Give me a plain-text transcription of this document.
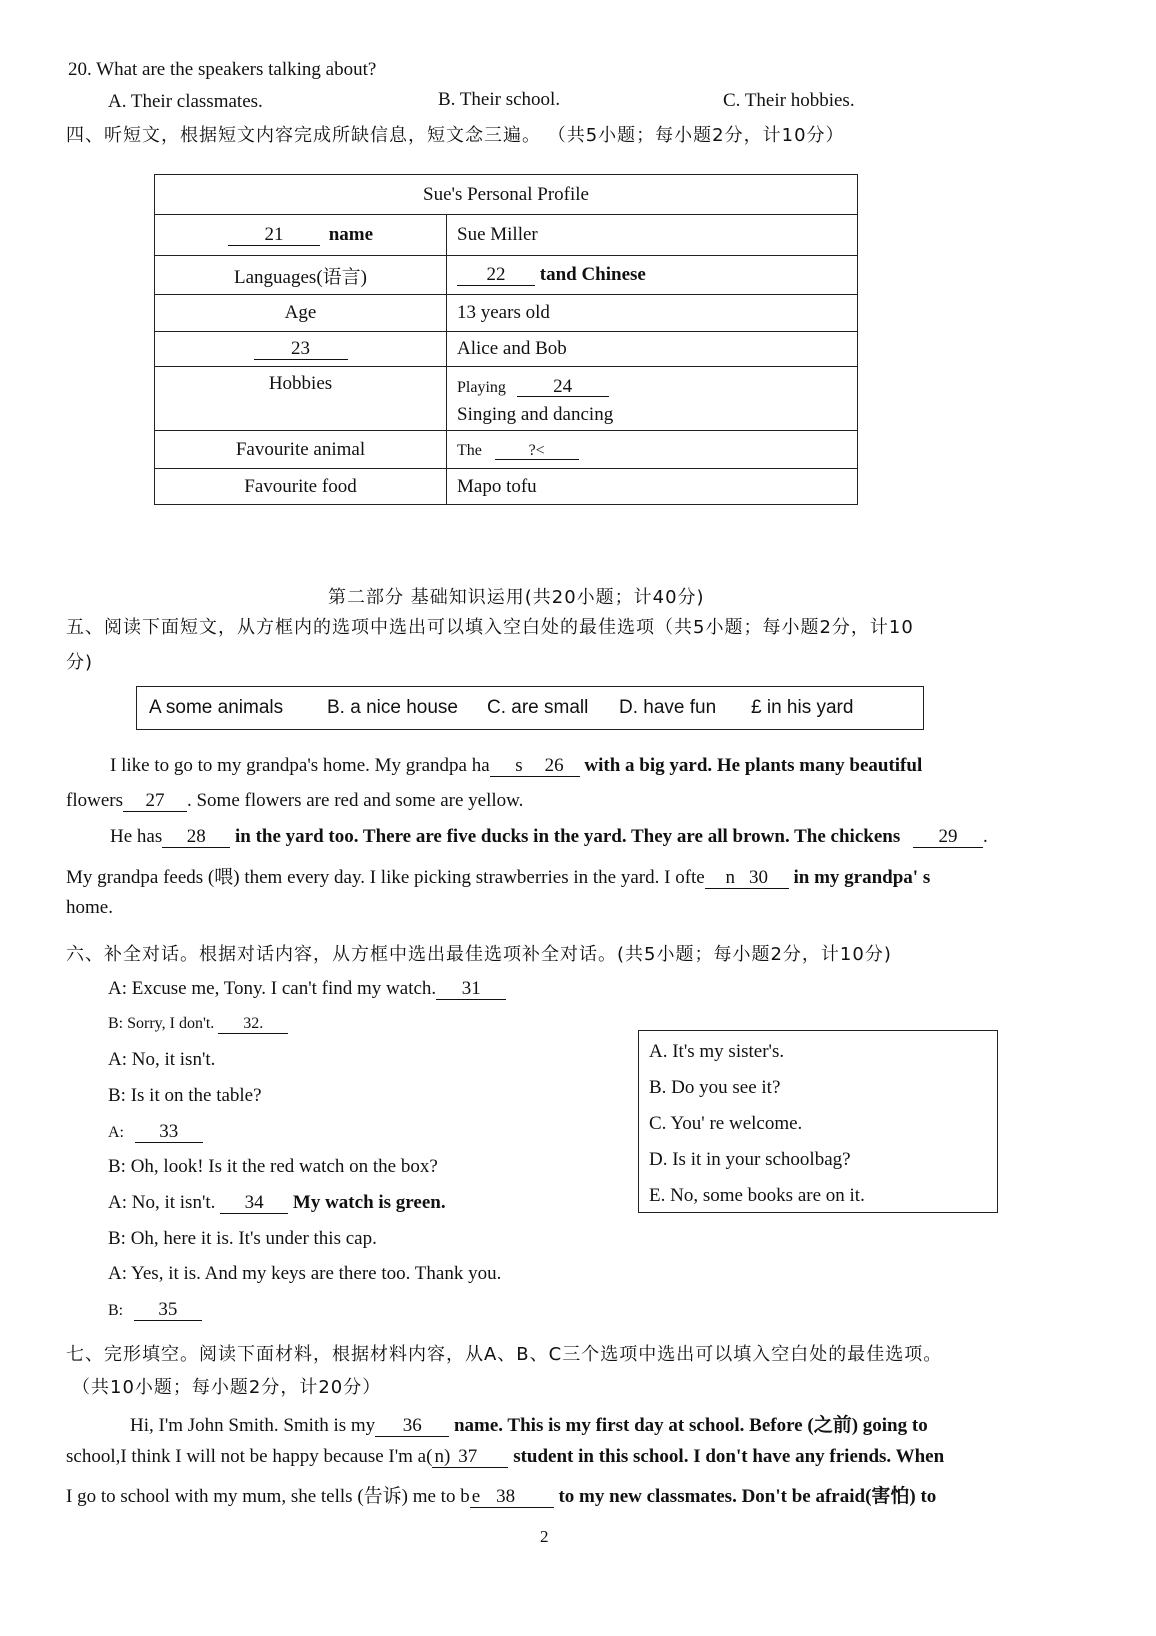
20. What are the speakers talking about?
A. Their classmates.	B. Their school.	C. Their hobbies.
四、听短文，根据短文内容完成所缺信息，短文念三遍。 （共5小题；每小题2分，计10分）
Sue's Personal Profile	
21 name	Sue Miller
Languages(语言)	22 tand Chinese
Age	13 years old
23	Alice and Bob
Hobbies	Playing 24
Singing and dancing

Favourite animal	The ?<
Favourite food	Mapo tofu
第二部分 基础知识运用(共20小题；计40分)
五、阅读下面短文，从方框内的选项中选出可以填入空白处的最佳选项（共5小题；每小题2分，计10
分)
A some animals B. a nice house C. are small D. have fun £ in his yard
I like to go to my grandpa's home. My grandpa ha s 26 with a big yard. He plants many beautiful
flowers 27 . Some flowers are red and some are yellow.
He has 28 in the yard too. There are five ducks in the yard. They are all brown. The chickens 29 .
My grandpa feeds (喂) them every day. I like picking strawberries in the yard. I ofte n 30 in my grandpa' s
home.
六、补全对话。根据对话内容，从方框中选出最佳选项补全对话。(共5小题；每小题2分，计10分)
A: Excuse me, Tony. I can't find my watch. 31
B: Sorry, I don't. 32.
A: No, it isn't.
B: Is it on the table?
A: 33
B: Oh, look! Is it the red watch on the box?
A: No, it isn't. 34 My watch is green.
B: Oh, here it is. It's under this cap.
A: Yes, it is. And my keys are there too. Thank you.
B: 35
A. It's my sister's.
B. Do you see it?
C. You' re welcome.
D. Is it in your schoolbag?
E. No, some books are on it.
七、完形填空。阅读下面材料，根据材料内容，从A、B、C三个选项中选出可以填入空白处的最佳选项。
（共10小题；每小题2分，计20分）
Hi, I'm John Smith. Smith is my 36 name. This is my first day at school. Before (之前) going to
school,I think I will not be happy because I'm a( n) 37 student in this school. I don't have any friends. When
I go to school with my mum, she tells (告诉) me to b e 38 to my new classmates. Don't be afraid(害怕) to
2
